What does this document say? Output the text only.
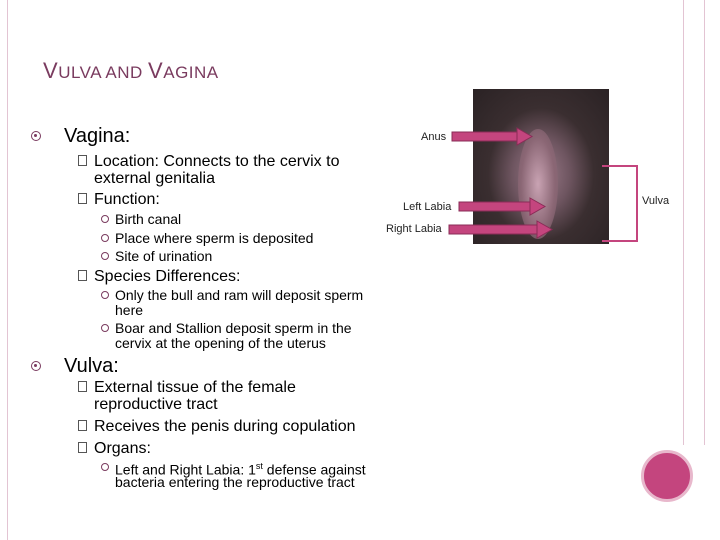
VULVA AND VAGINA
Vagina:
Location: Connects to the cervix to
external genitalia
Function:
Birth canal
Place where sperm is deposited
Site of urination
Species Differences:
Only the bull and ram will deposit sperm
here
Boar and Stallion deposit sperm in the
cervix at the opening of the uterus
Vulva:
External tissue of the female
reproductive tract
Receives the penis during copulation
Organs:
Left and Right Labia: 1st defense against
bacteria entering the reproductive tract
Anus
Left Labia
Right Labia
Vulva
